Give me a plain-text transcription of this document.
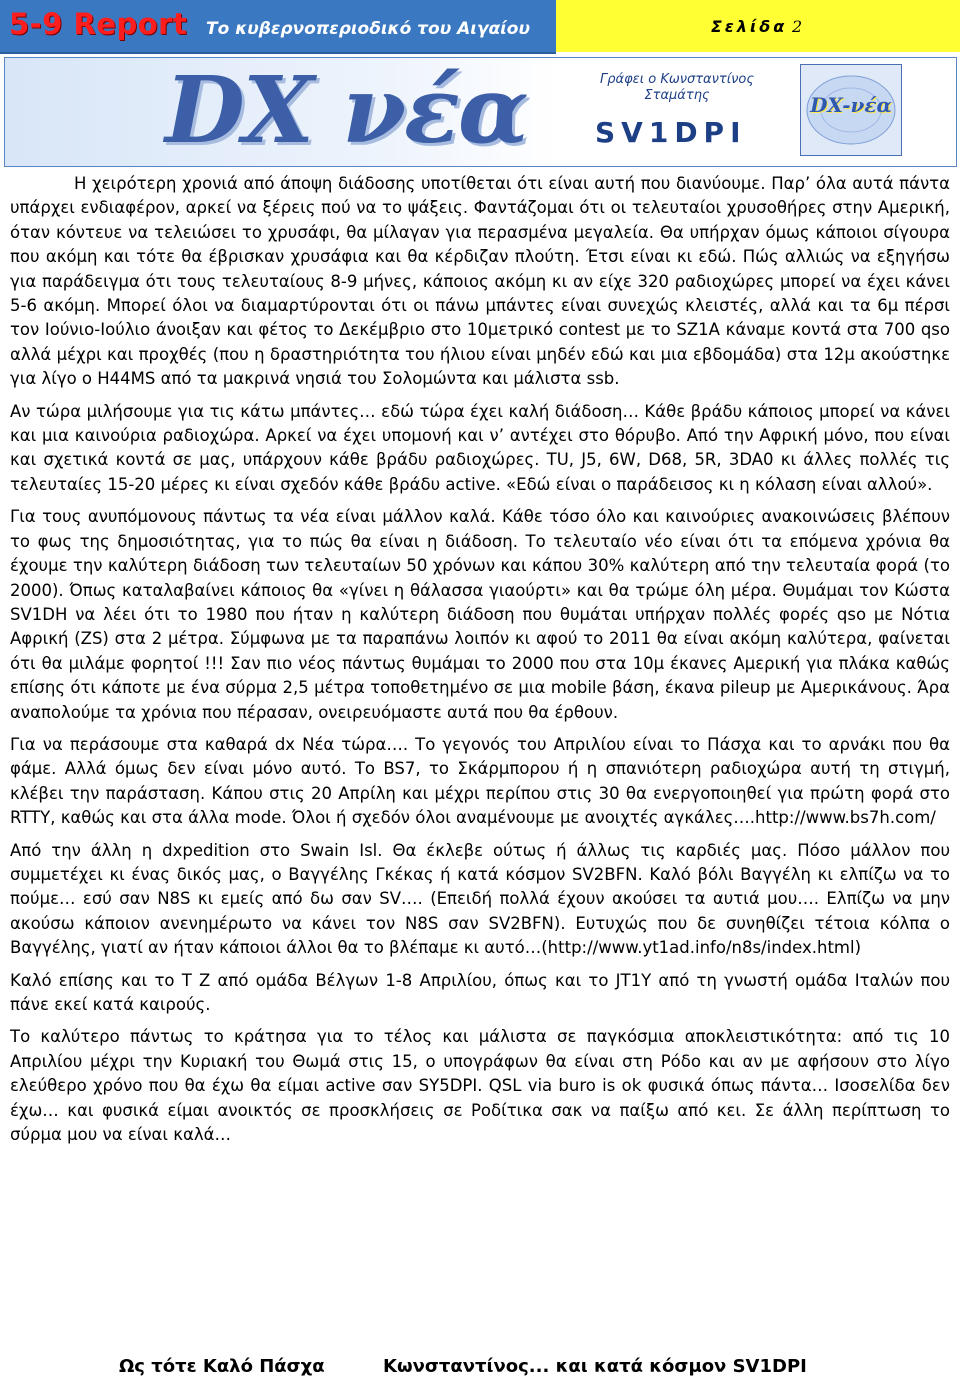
5-9 Report Το κυβερνοπεριοδικό του Αιγαίου	Σελίδα 2
DX νέα	Γράφει ο Κωνσταντίνος
Σταμάτης
SV1DPI
DX-νέα

Η χειρότερη χρονιά από άποψη διάδοσης υποτίθεται ότι είναι αυτή που διανύουμε. Παρ’ όλα αυτά πάντα υπάρχει ενδιαφέρον, αρκεί να ξέρεις πού να το ψάξεις. Φαντάζομαι ότι οι τελευταίοι χρυσοθήρες στην Αμερική, όταν κόντευε να τελειώσει το χρυσάφι, θα μίλαγαν για περασμένα μεγαλεία. Θα υπήρχαν όμως κάποιοι σίγουρα που ακόμη και τότε θα έβρισκαν χρυσάφια και θα κέρδιζαν πλούτη. Έτσι είναι κι εδώ. Πώς αλλιώς να εξηγήσω για παράδειγμα ότι τους τελευταίους 8-9 μήνες, κάποιος ακόμη κι αν είχε 320 ραδιοχώρες μπορεί να έχει κάνει 5-6 ακόμη. Μπορεί όλοι να διαμαρτύρονται ότι οι πάνω μπάντες είναι συνεχώς κλειστές, αλλά και τα 6μ πέρσι τον Ιούνιο-Ιούλιο άνοιξαν και φέτος το Δεκέμβριο στο 10μετρικό contest με το SZ1A κάναμε κοντά στα 700 qso αλλά μέχρι και προχθές (που η δραστηριότητα του ήλιου είναι μηδέν εδώ και μια εβδομάδα) στα 12μ ακούστηκε για λίγο ο H44MS από τα μακρινά νησιά του Σολομώντα και μάλιστα ssb.

Αν τώρα μιλήσουμε για τις κάτω μπάντες… εδώ τώρα έχει καλή διάδοση… Κάθε βράδυ κάποιος μπορεί να κάνει και μια καινούρια ραδιοχώρα. Αρκεί να έχει υπομονή και ν’ αντέχει στο θόρυβο. Από την Αφρική μόνο, που είναι και σχετικά κοντά σε μας, υπάρχουν κάθε βράδυ ραδιοχώρες. TU, J5, 6W, D68, 5R, 3DA0 κι άλλες πολλές τις τελευταίες 15-20 μέρες κι είναι σχεδόν κάθε βράδυ active. «Εδώ είναι ο παράδεισος κι η κόλαση είναι αλλού».

Για τους ανυπόμονους πάντως τα νέα είναι μάλλον καλά. Κάθε τόσο όλο και καινούριες ανακοινώσεις βλέπουν το φως της δημοσιότητας, για το πώς θα είναι η διάδοση. Το τελευταίο νέο είναι ότι τα επόμενα χρόνια θα έχουμε την καλύτερη διάδοση των τελευταίων 50 χρόνων και κάπου 30% καλύτερη από την τελευταία φορά (το 2000). Όπως καταλαβαίνει κάποιος θα «γίνει η θάλασσα γιαούρτι» και θα τρώμε όλη μέρα. Θυμάμαι τον Κώστα SV1DH να λέει ότι το 1980 που ήταν η καλύτερη διάδοση που θυμάται υπήρχαν πολλές φορές qso με Νότια Αφρική (ZS) στα 2 μέτρα. Σύμφωνα με τα παραπάνω λοιπόν κι αφού το 2011 θα είναι ακόμη καλύτερα, φαίνεται ότι θα μιλάμε φορητοί !!! Σαν πιο νέος πάντως θυμάμαι το 2000 που στα 10μ έκανες Αμερική για πλάκα καθώς επίσης ότι κάποτε με ένα σύρμα 2,5 μέτρα τοποθετημένο σε μια mobile βάση, έκανα pileup με Αμερικάνους. Άρα αναπολούμε τα χρόνια που πέρασαν, ονειρευόμαστε αυτά που θα έρθουν.

Για να περάσουμε στα καθαρά dx Νέα τώρα…. Το γεγονός του Απριλίου είναι το Πάσχα και το αρνάκι που θα φάμε. Αλλά όμως δεν είναι μόνο αυτό. Το BS7, το Σκάρμπορου ή η σπανιότερη ραδιοχώρα αυτή τη στιγμή, κλέβει την παράσταση. Κάπου στις 20 Απρίλη και μέχρι περίπου στις 30 θα ενεργοποιηθεί για πρώτη φορά στο RTTY, καθώς και στα άλλα mode. Όλοι ή σχεδόν όλοι αναμένουμε με ανοιχτές αγκάλες….http://www.bs7h.com/

Από την άλλη η dxpedition στο Swain Isl. Θα έκλεβε ούτως ή άλλως τις καρδιές μας. Πόσο μάλλον που συμμετέχει κι ένας δικός μας, ο Βαγγέλης Γκέκας ή κατά κόσμον SV2BFN. Καλό βόλι Βαγγέλη κι ελπίζω να το πούμε… εσύ σαν N8S κι εμείς από δω σαν SV…. (Επειδή πολλά έχουν ακούσει τα αυτιά μου…. Ελπίζω να μην ακούσω κάποιον ανενημέρωτο να κάνει τον N8S σαν SV2BFN). Ευτυχώς που δε συνηθίζει τέτοια κόλπα ο Βαγγέλης, γιατί αν ήταν κάποιοι άλλοι θα το βλέπαμε κι αυτό…(http://www.yt1ad.info/n8s/index.html)

Καλό επίσης και το T Z από ομάδα Βέλγων 1-8 Απριλίου, όπως και το JT1Y από τη γνωστή ομάδα Ιταλών που πάνε εκεί κατά καιρούς.

Το καλύτερο πάντως το κράτησα για το τέλος και μάλιστα σε παγκόσμια αποκλειστικότητα: από τις 10 Απριλίου μέχρι την Κυριακή του Θωμά στις 15, ο υπογράφων θα είναι στη Ρόδο και αν με αφήσουν στο λίγο ελεύθερο χρόνο που θα έχω θα είμαι active σαν SY5DPI. QSL via buro is ok φυσικά όπως πάντα… Ισοσελίδα δεν έχω… και φυσικά είμαι ανοικτός σε προσκλήσεις σε Ροδίτικα σακ να παίξω από κει. Σε άλλη περίπτωση το σύρμα μου να είναι καλά…

Ως τότε Καλό Πάσχα	Κωνσταντίνος... και κατά κόσμον SV1DPI
